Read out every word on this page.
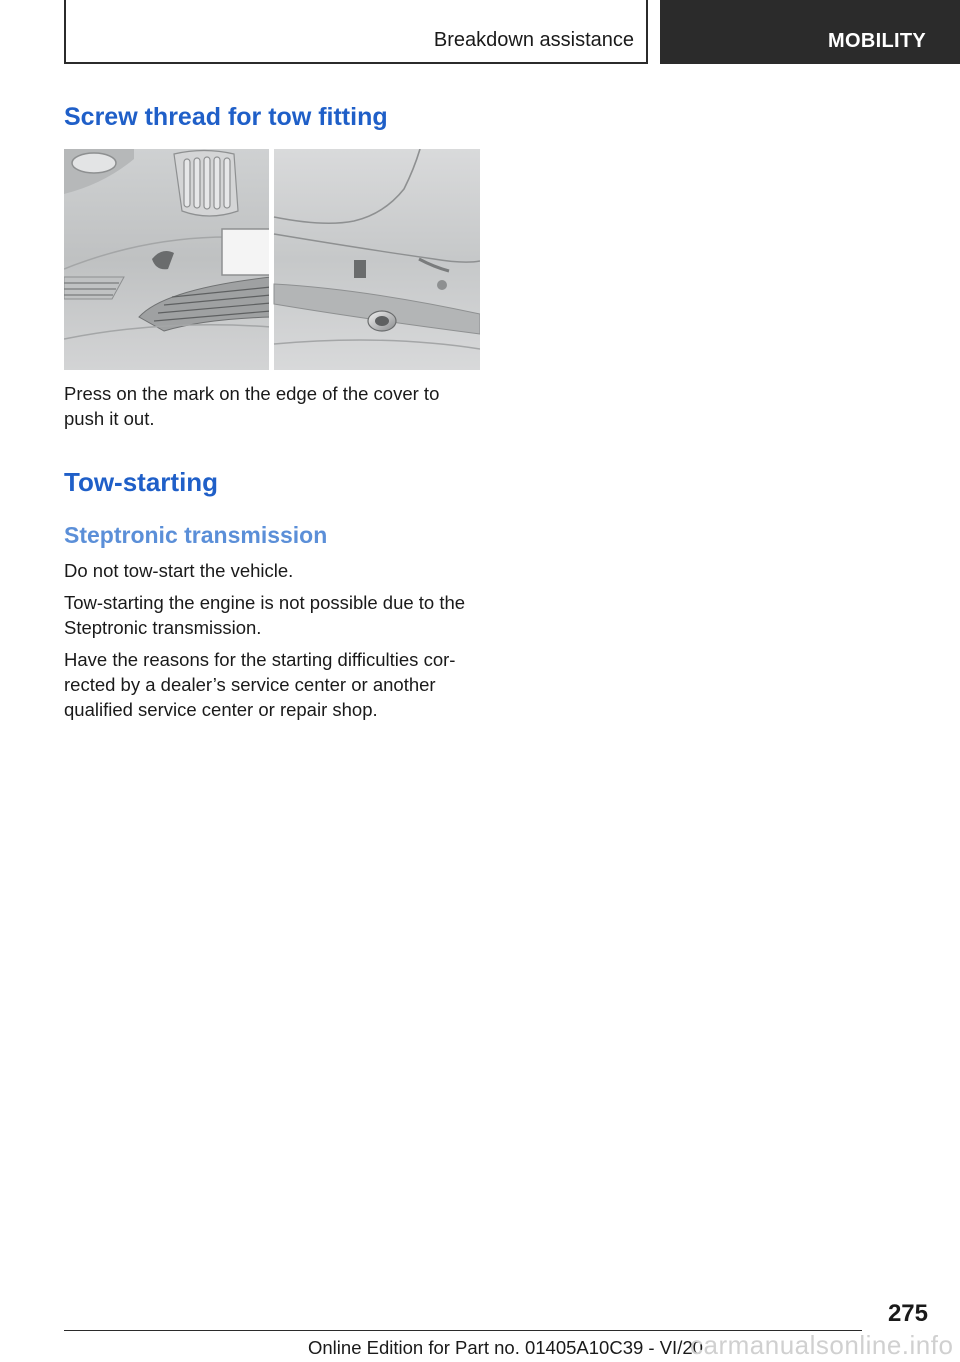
Breakdown assistance	MOBILITY
Screw thread for tow fitting

Press on the mark on the edge of the cover to push it out.

Tow-starting
Steptronic transmission

Do not tow-start the vehicle.

Tow-starting the engine is not possible due to the Steptronic transmission.

Have the reasons for the starting difficulties cor‐ rected by a dealer’s service center or another qualified service center or repair shop.

275
Online Edition for Part no. 01405A10C39 - VI/20
carmanualsonline.info
